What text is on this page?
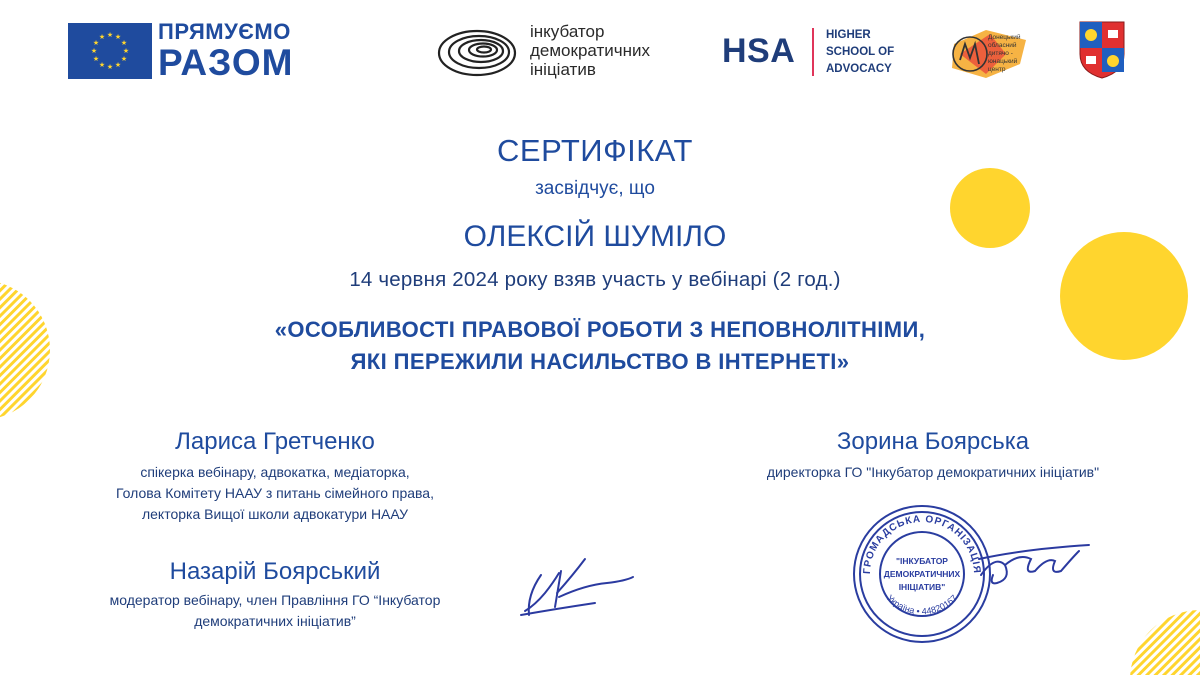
★ ★
★
★
★
★
★
★
★
★
★
★ ПРЯМУЄМО
РАЗОМ
інкубатор
демократичних
ініціатив	HSA	HIGHER
SCHOOL OF
ADVOCACY
Донецький
обласний
дитячо -
юнацький
центр
СЕРТИФІКАТ
засвідчує, що
ОЛЕКСІЙ ШУМІЛО
14 червня 2024 року взяв участь у вебінарі (2 год.)
«ОСОБЛИВОСТІ ПРАВОВОЇ РОБОТИ З НЕПОВНОЛІТНІМИ,
ЯКІ ПЕРЕЖИЛИ НАСИЛЬСТВО В ІНТЕРНЕТІ»
Лариса Гретченко
спікерка вебінару, адвокатка, медіаторка,
Голова Комітету НААУ з питань сімейного права,
лекторка Вищої школи адвокатури НААУ
Назарій Боярський
модератор вебінару, член Правління ГО “Інкубатор
демократичних ініціатив”
Зорина Боярська
директорка ГО "Інкубатор демократичних ініціатив"
ГРОМАДСЬКА ОРГАНІЗАЦІЯ
Україна • 44820167
"ІНКУБАТОР
ДЕМОКРАТИЧНИХ
ІНІЦІАТИВ"
